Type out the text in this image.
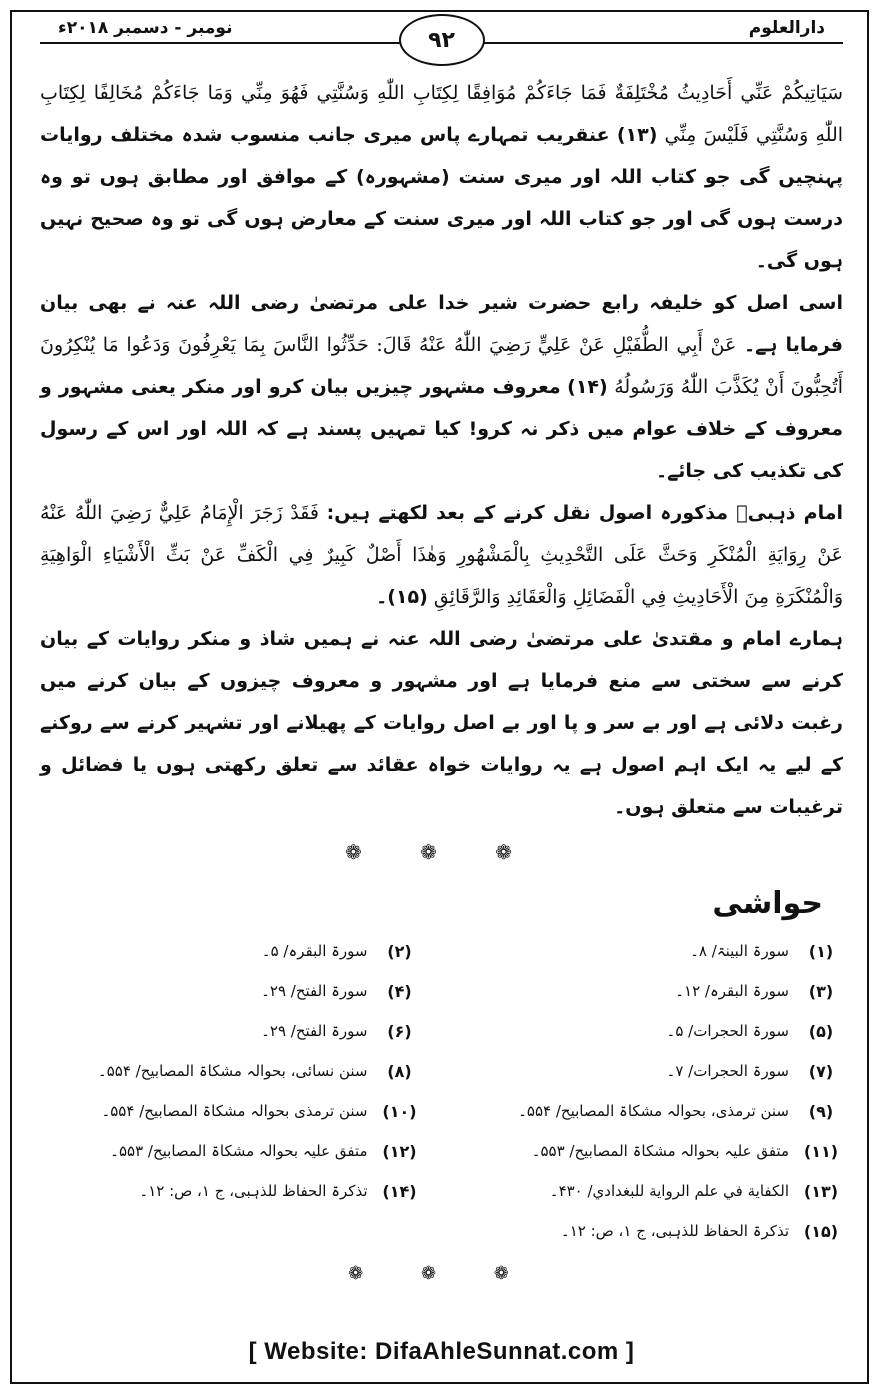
نومبر - دسمبر ۲۰۱۸ء	۹۲	دارالعلوم

سَيَاتِيكُمْ عَنِّي أَحَادِيثُ مُخْتَلِفَةٌ فَمَا جَاءَكُمْ مُوَافِقًا لِكِتَابِ اللّٰهِ وَسُنَّتِي فَهُوَ مِنِّي وَمَا جَاءَكُمْ مُخَالِفًا لِكِتَابِ اللّٰهِ وَسُنَّتِي فَلَيْسَ مِنِّي (۱۳) عنقریب تمہارے پاس میری جانب منسوب شدہ مختلف روایات پہنچیں گی جو کتاب اللہ اور میری سنت (مشہورہ) کے موافق اور مطابق ہوں تو وہ درست ہوں گی اور جو کتاب اللہ اور میری سنت کے معارض ہوں گی تو وہ صحیح نہیں ہوں گی۔

اسی اصل کو خلیفہ رابع حضرت شیر خدا علی مرتضیٰ رضی اللہ عنہ نے بھی بیان فرمایا ہے۔ عَنْ أَبِي الطُّفَيْلِ عَنْ عَلِيٍّ رَضِيَ اللّٰهُ عَنْهُ قَالَ: حَدِّثُوا النَّاسَ بِمَا يَعْرِفُونَ وَدَعُوا مَا يُنْكِرُونَ أَتُحِبُّونَ أَنْ يُكَذَّبَ اللّٰهُ وَرَسُولُهُ (۱۴) معروف مشہور چیزیں بیان کرو اور منکر یعنی مشہور و معروف کے خلاف عوام میں ذکر نہ کرو! کیا تمہیں پسند ہے کہ اللہ اور اس کے رسول کی تکذیب کی جائے۔

امام ذہبیؒ مذکورہ اصول نقل کرنے کے بعد لکھتے ہیں: فَقَدْ زَجَرَ الْإِمَامُ عَلِيٌّ رَضِيَ اللّٰهُ عَنْهُ عَنْ رِوَايَةِ الْمُنْكَرِ وَحَثَّ عَلَى التَّحْدِيثِ بِالْمَشْهُورِ وَهٰذَا أَصْلٌ كَبِيرٌ فِي الْكَفِّ عَنْ بَثِّ الْأَشْيَاءِ الْوَاهِيَةِ وَالْمُنْكَرَةِ مِنَ الْأَحَادِيثِ فِي الْفَضَائِلِ وَالْعَقَائِدِ وَالرَّقَائِقِ (۱۵)۔

ہمارے امام و مقتدیٰ علی مرتضیٰ رضی اللہ عنہ نے ہمیں شاذ و منکر روایات کے بیان کرنے سے سختی سے منع فرمایا ہے اور مشہور و معروف چیزوں کے بیان کرنے میں رغبت دلائی ہے اور بے سر و پا اور بے اصل روایات کے پھیلانے اور تشہیر کرنے سے روکنے کے لیے یہ ایک اہم اصول ہے یہ روایات خواہ عقائد سے تعلق رکھتی ہوں یا فضائل و ترغیبات سے متعلق ہوں۔

❁ ❁ ❁
حواشی
(۱)
سورۃ البینۃ/ ۸۔
(۲)
سورۃ البقرہ/ ۵۔
(۳)
سورۃ البقرہ/ ۱۲۔
(۴)
سورۃ الفتح/ ۲۹۔
(۵)
سورۃ الحجرات/ ۵۔
(۶)
سورۃ الفتح/ ۲۹۔
(۷)
سورۃ الحجرات/ ۷۔
(۸)
سنن نسائی، بحوالہ مشکاۃ المصابیح/ ۵۵۴۔
(۹)
سنن ترمذی، بحوالہ مشکاۃ المصابیح/ ۵۵۴۔
(۱۰)
سنن ترمذی بحوالہ مشکاۃ المصابیح/ ۵۵۴۔
(۱۱)
متفق علیہ بحوالہ مشکاۃ المصابیح/ ۵۵۳۔
(۱۲)
متفق علیہ بحوالہ مشکاۃ المصابیح/ ۵۵۳۔
(۱۳)
الكفاية في علم الرواية للبغدادي/ ۴۳۰۔
(۱۴)
تذکرۃ الحفاظ للذہبی، ج ۱، ص: ۱۲۔
(۱۵)
تذکرۃ الحفاظ للذہبی، ج ۱، ص: ۱۲۔
❁ ❁ ❁
[ Website: DifaAhleSunnat.com ]
